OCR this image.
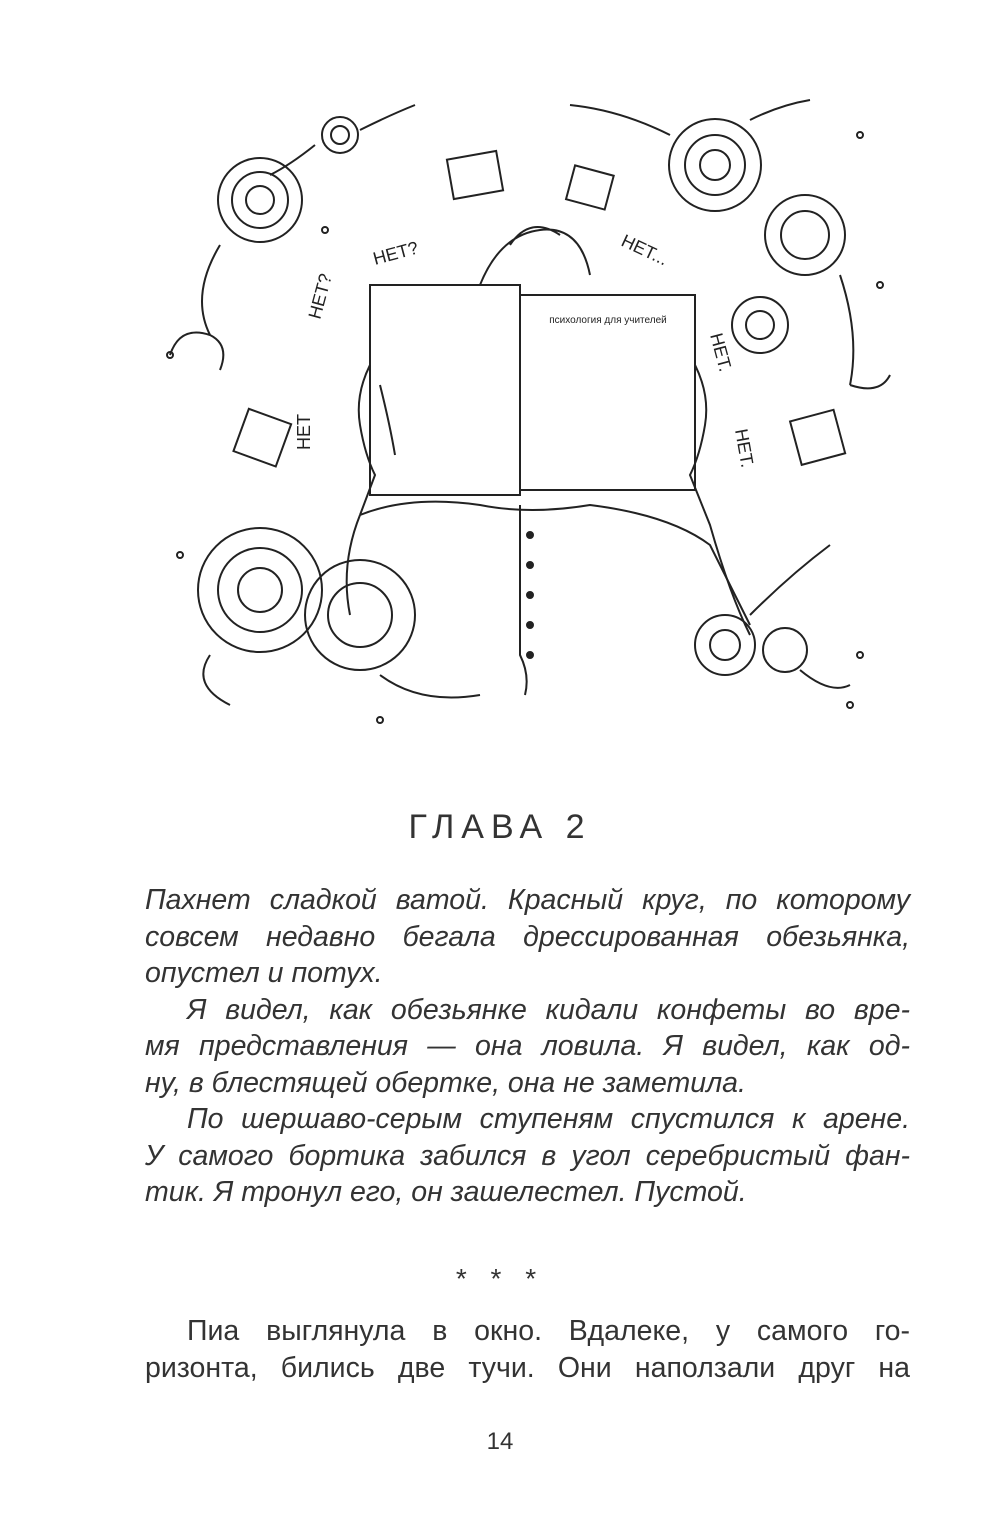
психология для учителей
НЕТ?	НЕТ...
НЕТ?
НЕТ
НЕТ.
НЕТ.
ГЛАВА 2
Пахнет сладкой ватой. Красный круг, по которому
совсем недавно бегала дрессированная обезьянка,
опустел и потух.
Я видел, как обезьянке кидали конфеты во вре-
мя представления — она ловила. Я видел, как од-
ну, в блестящей обертке, она не заметила.
По шершаво-серым ступеням спустился к арене.
У самого бортика забился в угол серебристый фан-
тик. Я тронул его, он зашелестел. Пустой.
* * *
Пиа выглянула в окно. Вдалеке, у самого го-
ризонта, бились две тучи. Они наползали друг на
14
